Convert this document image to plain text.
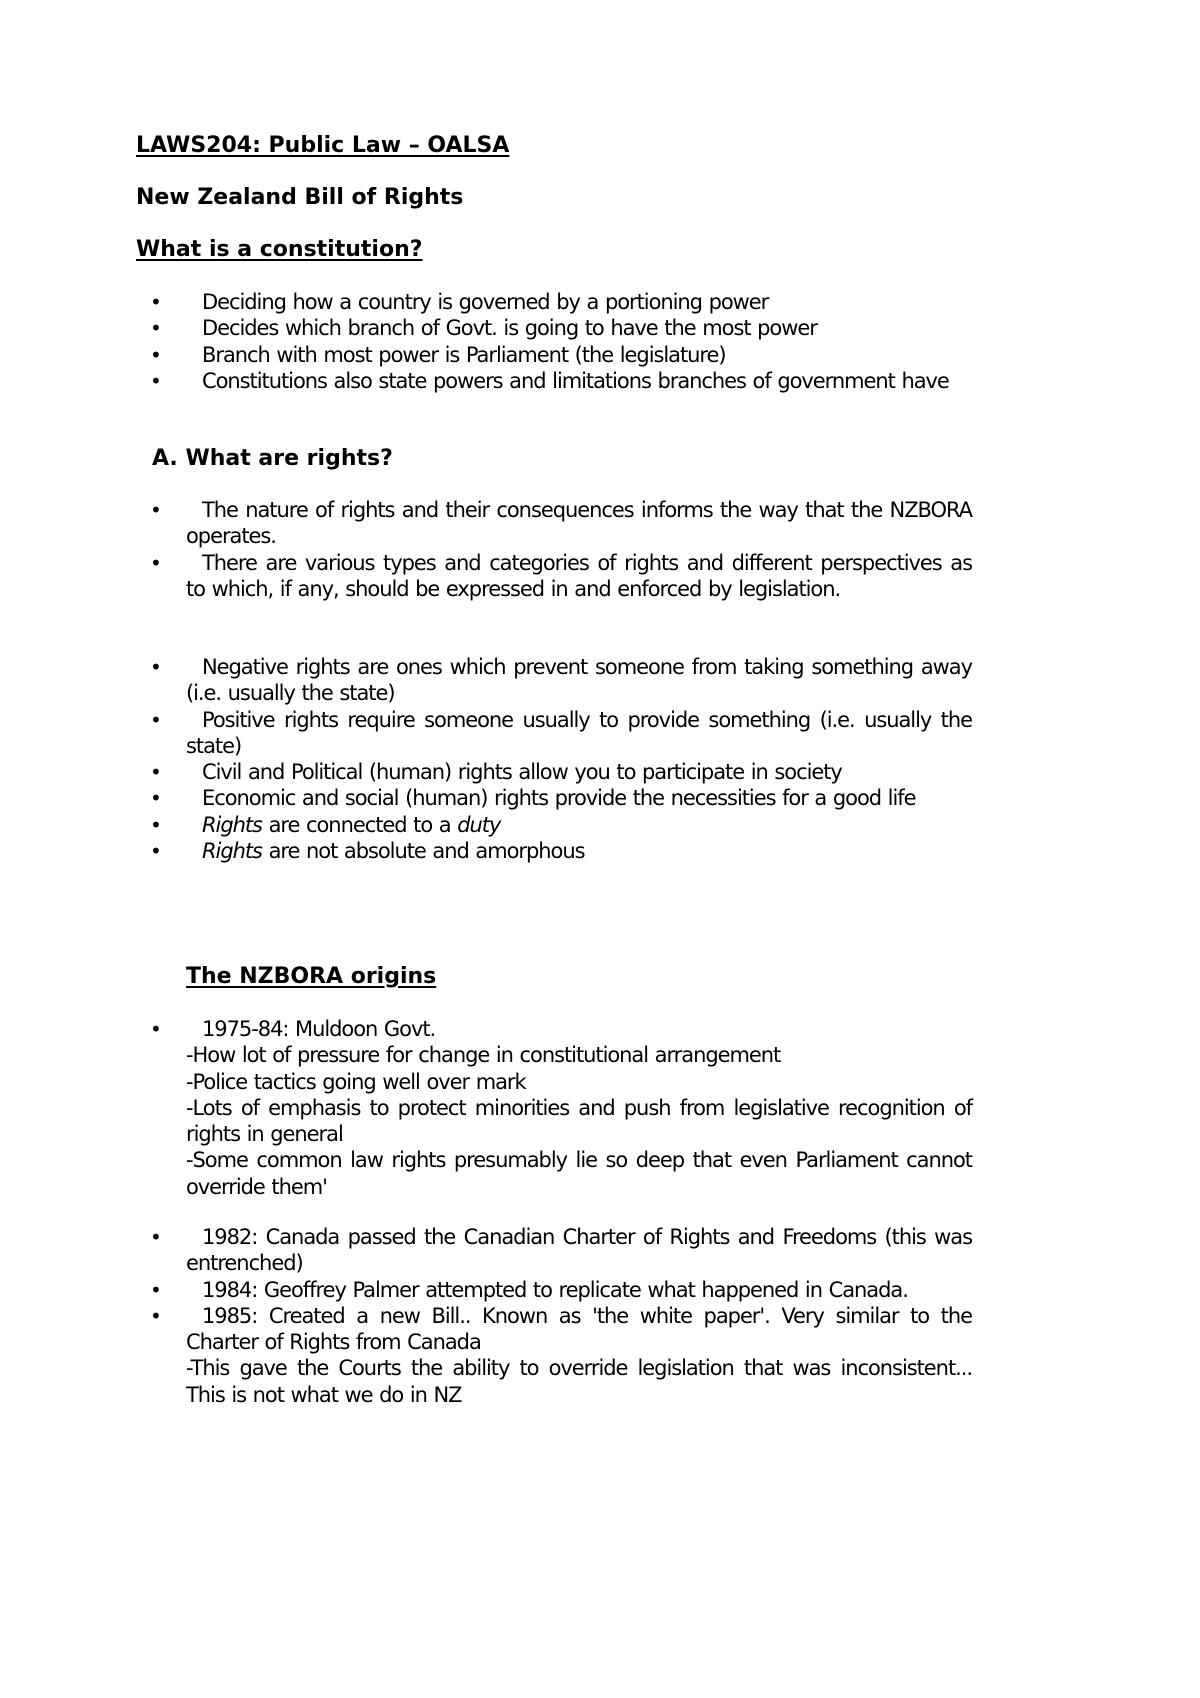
LAWS204: Public Law – OALSA
New Zealand Bill of Rights
What is a constitution?
• Deciding how a country is governed by a portioning power
• Decides which branch of Govt. is going to have the most power
• Branch with most power is Parliament (the legislature)
• Constitutions also state powers and limitations branches of government have
A. What are rights?
• The nature of rights and their consequences informs the way that the NZBORA operates.
• There are various types and categories of rights and different perspectives as to which, if any, should be expressed in and enforced by legislation.
• Negative rights are ones which prevent someone from taking something away (i.e. usually the state)
• Positive rights require someone usually to provide something (i.e. usually the state)
• Civil and Political (human) rights allow you to participate in society
• Economic and social (human) rights provide the necessities for a good life
• Rights are connected to a duty
• Rights are not absolute and amorphous
The NZBORA origins
• 1975-84: Muldoon Govt.
-How lot of pressure for change in constitutional arrangement
-Police tactics going well over mark
-Lots of emphasis to protect minorities and push from legislative recognition of rights in general
-Some common law rights presumably lie so deep that even Parliament cannot override them'
• 1982: Canada passed the Canadian Charter of Rights and Freedoms (this was entrenched)
• 1984: Geoffrey Palmer attempted to replicate what happened in Canada.
• 1985: Created a new Bill.. Known as 'the white paper'. Very similar to the Charter of Rights from Canada
-This gave the Courts the ability to override legislation that was inconsistent... This is not what we do in NZ
